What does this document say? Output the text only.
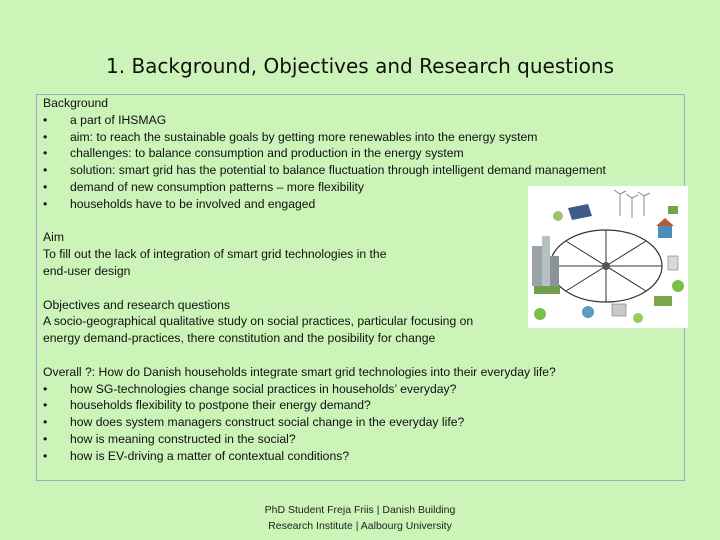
1. Background, Objectives and Research questions

Background

•	a part of IHSMAG

•	aim: to reach the sustainable goals by getting more renewables into the energy system

•	challenges: to balance consumption and production in the energy system

•	solution: smart grid has the potential to balance fluctuation through intelligent demand management

•	demand of new consumption patterns – more flexibility

•	households have to be involved and engaged

Aim

To fill out the lack of integration of smart grid technologies in the

end-user design

Objectives and research questions

A socio-geographical qualitative study on social practices, particular focusing on

energy demand-practices, there constitution and the posibility for change

Overall ?: How do Danish households integrate smart grid technologies into their everyday life?

•	how SG-technologies change social practices in households’ everyday?

•	households flexibility to postpone their energy demand?

•	how does system managers construct social change in the everyday life?

•	how is meaning constructed in the social?

•	how is EV-driving a matter of contextual conditions?

PhD Student Freja Friis | Danish Building
Research Institute | Aalbourg University
